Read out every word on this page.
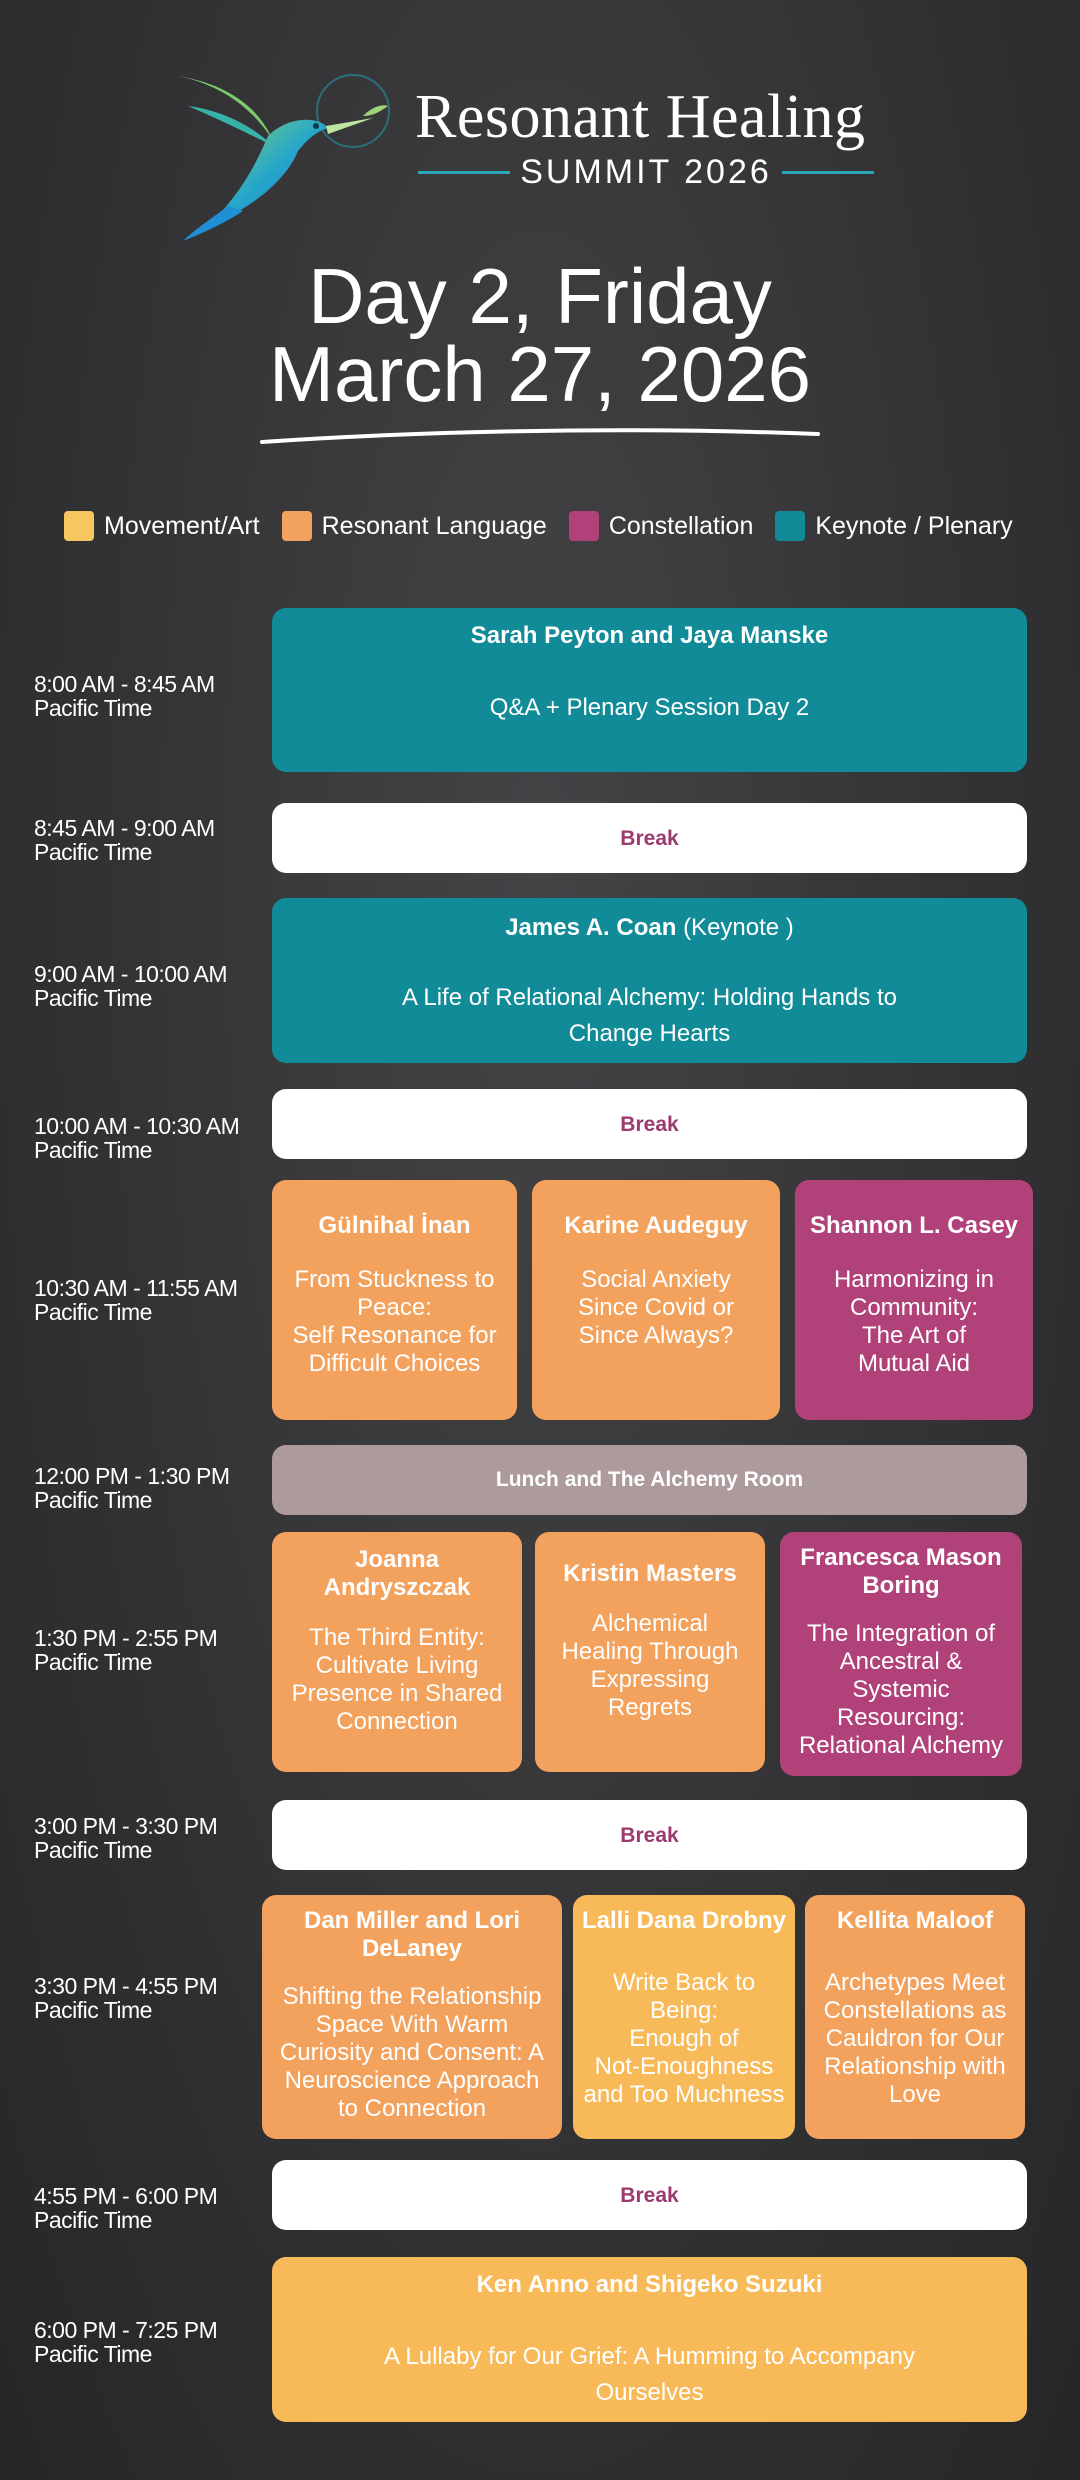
Resonant Healing
SUMMIT 2026
Day 2, Friday
March 27, 2026
Movement/Art Resonant Language Constellation Keynote / Plenary
8:00 AM - 8:45 AM
Pacific Time
Sarah Peyton and Jaya Manske
Q&A + Plenary Session Day 2
8:45 AM - 9:00 AM
Pacific Time
Break
9:00 AM - 10:00 AM
Pacific Time
James A. Coan (Keynote )
A Life of Relational Alchemy: Holding Hands to
Change Hearts
10:00 AM - 10:30 AM
Pacific Time
Break
10:30 AM - 11:55 AM
Pacific Time
Gülnihal İnan
From Stuckness to
Peace:
Self Resonance for
Difficult Choices
Karine Audeguy
Social Anxiety
Since Covid or
Since Always?
Shannon L. Casey
Harmonizing in
Community:
The Art of
Mutual Aid
12:00 PM - 1:30 PM
Pacific Time
Lunch and The Alchemy Room
1:30 PM - 2:55 PM
Pacific Time
Joanna
Andryszczak
The Third Entity:
Cultivate Living
Presence in Shared
Connection
Kristin Masters
Alchemical
Healing Through
Expressing
Regrets
Francesca Mason
Boring
The Integration of
Ancestral &
Systemic
Resourcing:
Relational Alchemy
3:00 PM - 3:30 PM
Pacific Time
Break
3:30 PM - 4:55 PM
Pacific Time
Dan Miller and Lori
DeLaney
Shifting the Relationship
Space With Warm
Curiosity and Consent: A
Neuroscience Approach
to Connection
Lalli Dana Drobny
Write Back to
Being:
Enough of
Not-Enoughness
and Too Muchness
Kellita Maloof
Archetypes Meet
Constellations as
Cauldron for Our
Relationship with
Love
4:55 PM - 6:00 PM
Pacific Time
Break
6:00 PM - 7:25 PM
Pacific Time
Ken Anno and Shigeko Suzuki
A Lullaby for Our Grief: A Humming to Accompany
Ourselves
